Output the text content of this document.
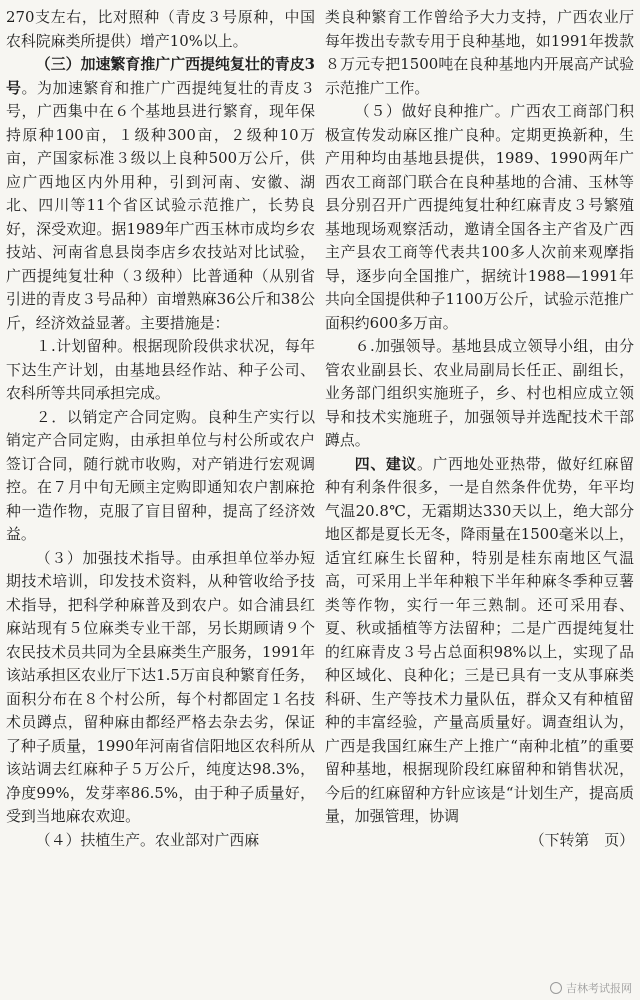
270支左右，比对照种（青皮３号原种，中国农科院麻类所提供）增产10%以上。

（三）加速繁育推广广西提纯复壮的青皮3号。为加速繁育和推广广西提纯复壮的青皮３号，广西集中在６个基地县进行繁育，现年保持原种100亩，１级种300亩，２级种10万亩，产国家标准３级以上良种500万公斤，供应广西地区内外用种，引到河南、安徽、湖北、四川等11个省区试验示范推广，长势良好，深受欢迎。据1989年广西玉林市成均乡农技站、河南省息县岗李店乡农技站对比试验，广西提纯复壮种（３级种）比普通种（从别省引进的青皮３号品种）亩增熟麻36公斤和38公斤，经济效益显著。主要措施是：

１.计划留种。根据现阶段供求状况，每年下达生产计划，由基地县经作站、种子公司、农科所等共同承担完成。

２．以销定产合同定购。良种生产实行以销定产合同定购，由承担单位与村公所或农户签订合同，随行就市收购，对产销进行宏观调控。在７月中旬无顾主定购即通知农户割麻抢种一造作物，克服了盲目留种，提高了经济效益。

（３）加强技术指导。由承担单位举办短期技术培训，印发技术资料，从种管收给予技术指导，把科学种麻普及到农户。如合浦县红麻站现有５位麻类专业干部，另长期顾请９个农民技术员共同为全县麻类生产服务，1991年该站承担区农业厅下达1.5万亩良种繁育任务，面积分布在８个村公所，每个村都固定１名技术员蹲点，留种麻由都经严格去杂去劣，保证了种子质量，1990年河南省信阳地区农科所从该站调去红麻种子５万公斤，纯度达98.3%，净度99%，发芽率86.5%，由于种子质量好，受到当地麻农欢迎。

（４）扶植生产。农业部对广西麻

类良种繁育工作曾给予大力支持，广西农业厅每年拨出专款专用于良种基地，如1991年拨款８万元专把1500吨在良种基地内开展高产试验示范推广工作。

（５）做好良种推广。广西农工商部门积极宣传发动麻区推广良种。定期更换新种，生产用种均由基地县提供，1989、1990两年广西农工商部门联合在良种基地的合浦、玉林等县分别召开广西提纯复壮种红麻青皮３号繁殖基地现场观察活动，邀请全国各主产省及广西主产县农工商等代表共100多人次前来观摩指导，逐步向全国推广，据统计1988—1991年共向全国提供种子1100万公斤，试验示范推广面积约600多万亩。

６.加强领导。基地县成立领导小组，由分管农业副县长、农业局副局长任正、副组长，业务部门组织实施班子，乡、村也相应成立领导和技术实施班子，加强领导并选配技术干部蹲点。

四、建议。广西地处亚热带，做好红麻留种有利条件很多，一是自然条件优势，年平均气温20.8℃，无霜期达330天以上，绝大部分地区都是夏长无冬，降雨量在1500毫米以上，适宜红麻生长留种，特别是桂东南地区气温高，可采用上半年种粮下半年种麻冬季种豆薯类等作物，实行一年三熟制。还可采用春、夏、秋或插植等方法留种；二是广西提纯复壮的红麻青皮３号占总面积98%以上，实现了品种区域化、良种化；三是已具有一支从事麻类科研、生产等技术力量队伍，群众又有种植留种的丰富经验，产量高质量好。调查组认为，广西是我国红麻生产上推广“南种北植”的重要留种基地，根据现阶段红麻留种和销售状况，今后的红麻留种方针应该是“计划生产，提高质量，加强管理，协调

（下转第　页）

吉林考试报网
